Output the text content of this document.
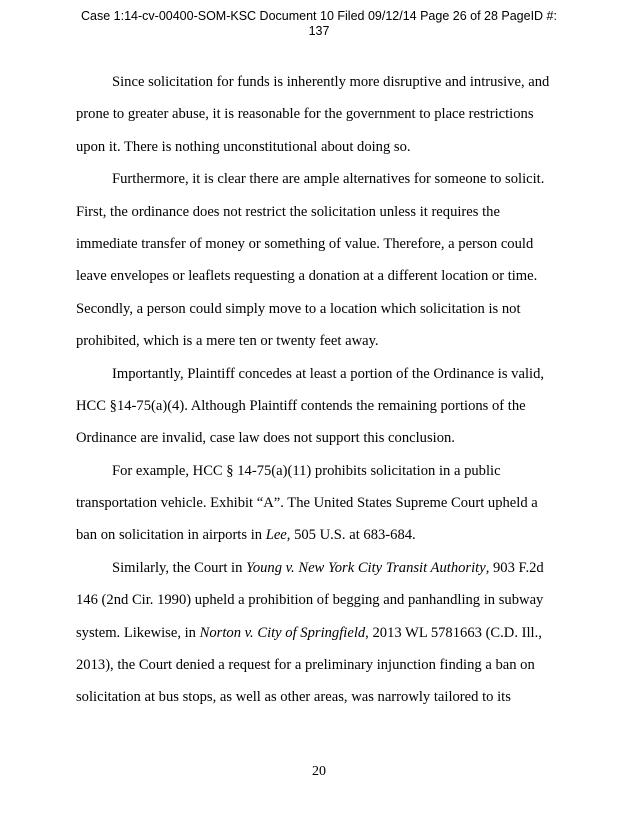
Case 1:14-cv-00400-SOM-KSC Document 10 Filed 09/12/14 Page 26 of 28 PageID #:
137
Since solicitation for funds is inherently more disruptive and intrusive, and
prone to greater abuse, it is reasonable for the government to place restrictions
upon it. There is nothing unconstitutional about doing so.
Furthermore, it is clear there are ample alternatives for someone to solicit.
First, the ordinance does not restrict the solicitation unless it requires the
immediate transfer of money or something of value. Therefore, a person could
leave envelopes or leaflets requesting a donation at a different location or time.
Secondly, a person could simply move to a location which solicitation is not
prohibited, which is a mere ten or twenty feet away.
Importantly, Plaintiff concedes at least a portion of the Ordinance is valid,
HCC §14-75(a)(4). Although Plaintiff contends the remaining portions of the
Ordinance are invalid, case law does not support this conclusion.
For example, HCC § 14-75(a)(11) prohibits solicitation in a public
transportation vehicle. Exhibit “A”. The United States Supreme Court upheld a
ban on solicitation in airports in Lee, 505 U.S. at 683-684.
Similarly, the Court in Young v. New York City Transit Authority, 903 F.2d
146 (2nd Cir. 1990) upheld a prohibition of begging and panhandling in subway
system. Likewise, in Norton v. City of Springfield, 2013 WL 5781663 (C.D. Ill.,
2013), the Court denied a request for a preliminary injunction finding a ban on
solicitation at bus stops, as well as other areas, was narrowly tailored to its
20
